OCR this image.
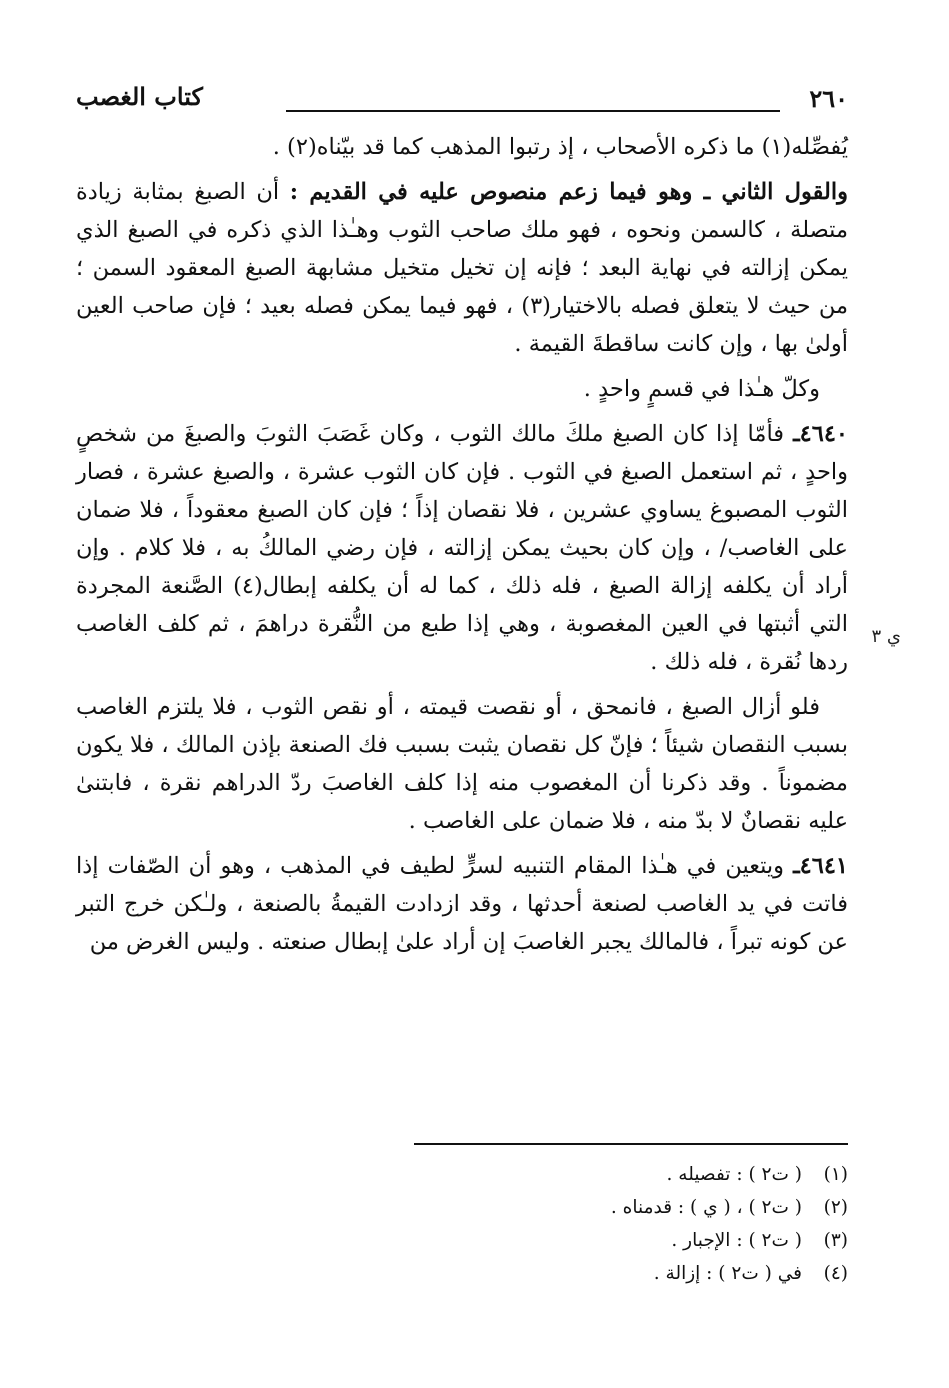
٢٦٠
كتاب الغصب
ي ٣

يُفصِّله(١) ما ذكره الأصحاب ، إذ رتبوا المذهب كما قد بيّناه(٢) .

والقول الثاني ـ وهو فيما زعم منصوص عليه في القديم : أن الصبغ بمثابة زيادة متصلة ، كالسمن ونحوه ، فهو ملك صاحب الثوب وهـٰذا الذي ذكره في الصبغ الذي يمكن إزالته في نهاية البعد ؛ فإنه إن تخيل متخيل مشابهة الصبغ المعقود السمن ؛ من حيث لا يتعلق فصله بالاختيار(٣) ، فهو فيما يمكن فصله بعيد ؛ فإن صاحب العين أولىٰ بها ، وإن كانت ساقطةَ القيمة .

وكلّ هـٰذا في قسمٍ واحدٍ .

٤٦٤٠ـ فأمّا إذا كان الصبغ ملكَ مالك الثوب ، وكان غَصَبَ الثوبَ والصبغَ من شخصٍ واحدٍ ، ثم استعمل الصبغ في الثوب . فإن كان الثوب عشرة ، والصبغ عشرة ، فصار الثوب المصبوغ يساوي عشرين ، فلا نقصان إذاً ؛ فإن كان الصبغ معقوداً ، فلا ضمان على الغاصب/ ، وإن كان بحيث يمكن إزالته ، فإن رضي المالكُ به ، فلا كلام . وإن أراد أن يكلفه إزالة الصبغ ، فله ذلك ، كما له أن يكلفه إبطال(٤) الصَّنعة المجردة التي أثبتها في العين المغصوبة ، وهي إذا طبع من النُّقرة دراهمَ ، ثم كلف الغاصب ردها نُقرة ، فله ذلك .

فلو أزال الصبغ ، فانمحق ، أو نقصت قيمته ، أو نقص الثوب ، فلا يلتزم الغاصب بسبب النقصان شيئاً ؛ فإنّ كل نقصان يثبت بسبب فك الصنعة بإذن المالك ، فلا يكون مضموناً . وقد ذكرنا أن المغصوب منه إذا كلف الغاصبَ ردّ الدراهم نقرة ، فابتنىٰ عليه نقصانٌ لا بدّ منه ، فلا ضمان على الغاصب .

٤٦٤١ـ ويتعين في هـٰذا المقام التنبيه لسرٍّ لطيف في المذهب ، وهو أن الصّفات إذا فاتت في يد الغاصب لصنعة أحدثها ، وقد ازدادت القيمةُ بالصنعة ، ولـٰكن خرج التبر عن كونه تبراً ، فالمالك يجبر الغاصبَ إن أراد علىٰ إبطال صنعته . وليس الغرض من

(١)
( ت٢ ) : تفصيله .
(٢)
( ت٢ ) ، ( ي ) : قدمناه .
(٣)
( ت٢ ) : الإجبار .
(٤)
في ( ت٢ ) : إزالة .
